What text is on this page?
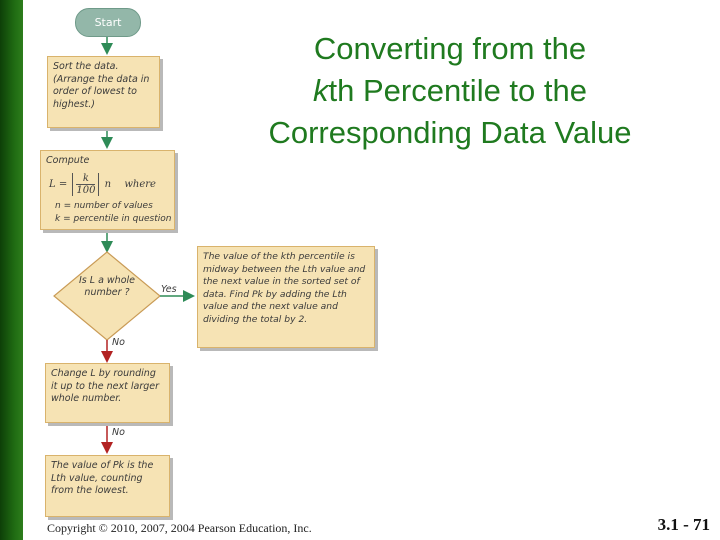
Converting from the
kth Percentile to the
Corresponding Data Value
Start
Sort the data. (Arrange the data in order of lowest to highest.)
Compute
$L = \frac{k}{100}$ n where
n = number of values
k = percentile in question
Is L a whole number ?	Yes
No
The value of the kth percentile is midway between the Lth value and the next value in the sorted set of data. Find Pk by adding the Lth value and the next value and dividing the total by 2.
Change L by rounding it up to the next larger whole number.
No
The value of Pk is the Lth value, counting from the lowest.
Copyright © 2010, 2007, 2004 Pearson Education, Inc.	3.1 - 71
